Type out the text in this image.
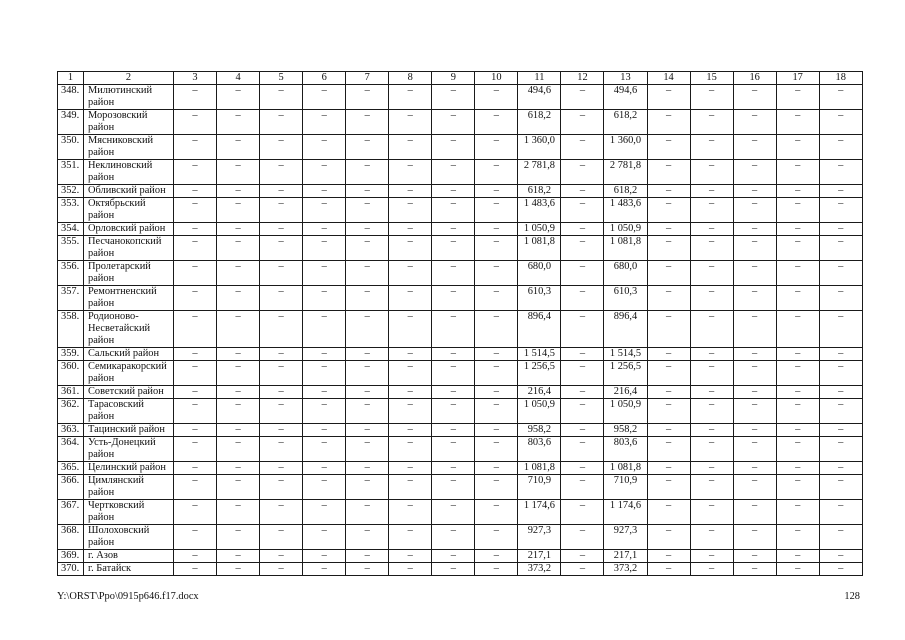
1	2	3	4	5	6	7	8	9	10	11	12	13	14	15	16	17	18
348.	Милютинский район	–	–	–	–	–	–	–	–	494,6	–	494,6	–	–	–	–	–
349.	Морозовский район	–	–	–	–	–	–	–	–	618,2	–	618,2	–	–	–	–	–
350.	Мясниковский район	–	–	–	–	–	–	–	–	1 360,0	–	1 360,0	–	–	–	–	–
351.	Неклиновский район	–	–	–	–	–	–	–	–	2 781,8	–	2 781,8	–	–	–	–	–
352.	Обливский район	–	–	–	–	–	–	–	–	618,2	–	618,2	–	–	–	–	–
353.	Октябрьский район	–	–	–	–	–	–	–	–	1 483,6	–	1 483,6	–	–	–	–	–
354.	Орловский район	–	–	–	–	–	–	–	–	1 050,9	–	1 050,9	–	–	–	–	–
355.	Песчанокопский район	–	–	–	–	–	–	–	–	1 081,8	–	1 081,8	–	–	–	–	–
356.	Пролетарский район	–	–	–	–	–	–	–	–	680,0	–	680,0	–	–	–	–	–
357.	Ремонтненский район	–	–	–	–	–	–	–	–	610,3	–	610,3	–	–	–	–	–
358.	Родионово-Несветайский район	–	–	–	–	–	–	–	–	896,4	–	896,4	–	–	–	–	–
359.	Сальский район	–	–	–	–	–	–	–	–	1 514,5	–	1 514,5	–	–	–	–	–
360.	Семикаракорский район	–	–	–	–	–	–	–	–	1 256,5	–	1 256,5	–	–	–	–	–
361.	Советский район	–	–	–	–	–	–	–	–	216,4	–	216,4	–	–	–	–	–
362.	Тарасовский район	–	–	–	–	–	–	–	–	1 050,9	–	1 050,9	–	–	–	–	–
363.	Тацинский район	–	–	–	–	–	–	–	–	958,2	–	958,2	–	–	–	–	–
364.	Усть-Донецкий район	–	–	–	–	–	–	–	–	803,6	–	803,6	–	–	–	–	–
365.	Целинский район	–	–	–	–	–	–	–	–	1 081,8	–	1 081,8	–	–	–	–	–
366.	Цимлянский район	–	–	–	–	–	–	–	–	710,9	–	710,9	–	–	–	–	–
367.	Чертковский район	–	–	–	–	–	–	–	–	1 174,6	–	1 174,6	–	–	–	–	–
368.	Шолоховский район	–	–	–	–	–	–	–	–	927,3	–	927,3	–	–	–	–	–
369.	г. Азов	–	–	–	–	–	–	–	–	217,1	–	217,1	–	–	–	–	–
370.	г. Батайск	–	–	–	–	–	–	–	–	373,2	–	373,2	–	–	–	–	–
Y:\ORST\Ppo\0915p646.f17.docx	128
